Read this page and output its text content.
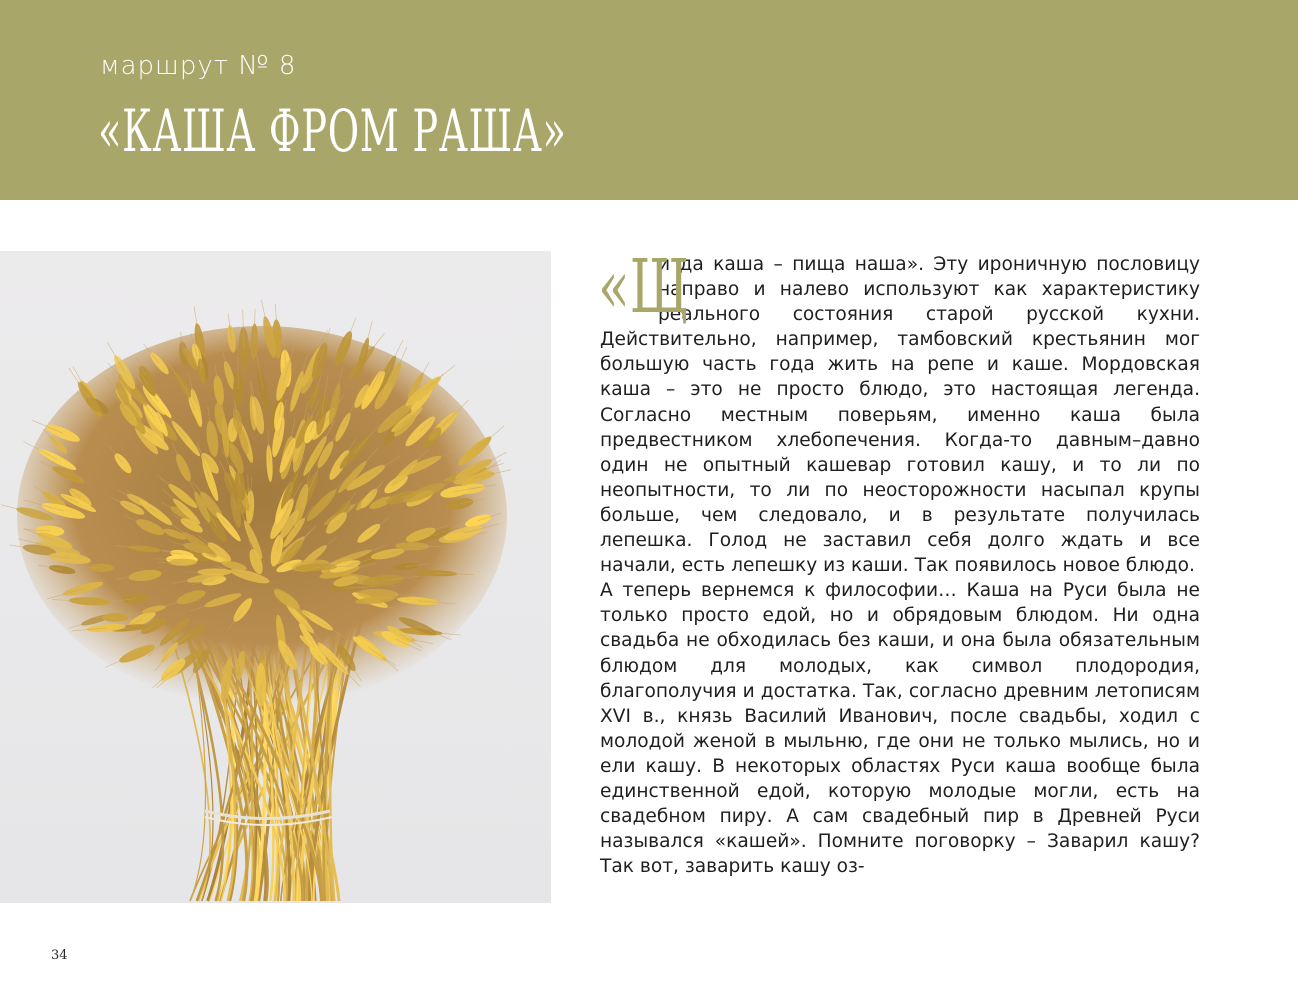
маршрут № 8
«КАША ФРОМ РАША»
«Щ

и да каша – пища наша». Эту ироничную пословицу направо и налево используют как характеристику реального состояния старой русской кухни. Действительно, например, тамбовский крестьянин мог большую часть года жить на репе и каше. Мордовская каша – это не просто блюдо, это настоящая легенда. Согласно местным поверьям, именно каша была предвестником хлебопечения. Когда-то давным–давно один не опытный кашевар готовил кашу, и то ли по неопытности, то ли по неосторожности насыпал крупы больше, чем следовало, и в результате получилась лепешка. Голод не заставил себя долго ждать и все начали, есть лепешку из каши. Так появилось новое блюдо.

А теперь вернемся к философии… Каша на Руси была не только просто едой, но и обрядовым блюдом. Ни одна свадьба не обходилась без каши, и она была обязательным блюдом для молодых, как символ плодородия, благополучия и достатка. Так, согласно древним летописям XVI в., князь Василий Иванович, после свадьбы, ходил с молодой женой в мыльню, где они не только мылись, но и ели кашу. В некоторых областях Руси каша вообще была единственной едой, которую молодые могли, есть на свадебном пиру. А сам свадебный пир в Древней Руси назывался «кашей». Помните поговорку – Заварил кашу? Так вот, заварить кашу оз-

34
